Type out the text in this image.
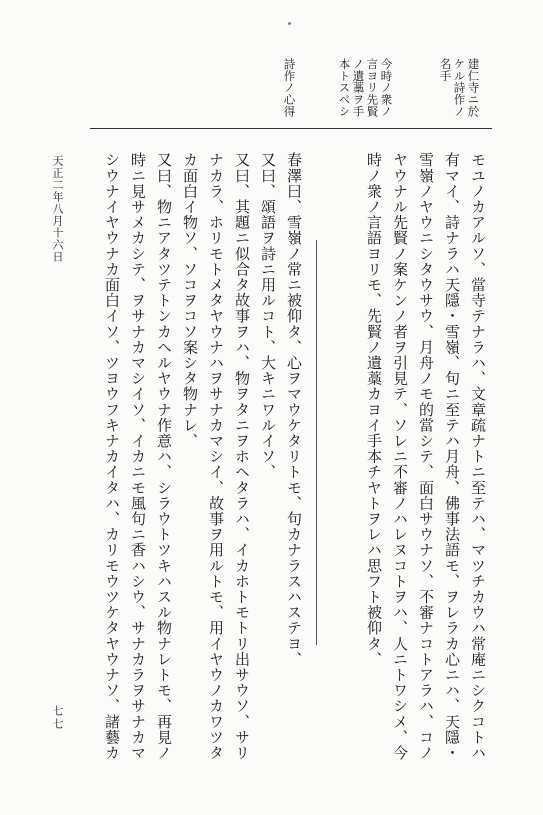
建仁寺ニ於
ケル詩作ノ
名手
今時ノ衆ノ
言ヨリ先賢
ノ遺藁ヲ手
本トスベシ
詩作ノ心得
モユノカアルソ、當寺テナラハ、文章疏ナトニ至テハ、マツチカウハ常庵ニシクコトハ
有マイ、詩ナラハ天隱・雪嶺、句ニ至テハ月舟、佛事法語モ、ヲレラカ心ニハ、天隱・
雪嶺ノヤウニシタウサウ、月舟ノモ的當シテ、面白サウナソ、不審ナコトアラハ、コノ
ヤウナル先賢ノ案ケンノ者ヲ引見テ、ソレニ不審ノハレヌコトヲハ、人ニトワシメ、今
時ノ衆ノ言語ヨリモ、先賢ノ遺藁カヨイ手本チヤトヲレハ思フト被仰タ、
春澤曰、雪嶺ノ常ニ被仰タ、心ヲマウケタリトモ、句カナラスハステヨ、
又曰、頌語ヲ詩ニ用ルコト、大キニワルイソ、
又曰、其題ニ似合タ故事ヲハ、物ヲタニヲホヘタラハ、イカホトモトリ出サウソ、サリ
ナカラ、ホリモトメタヤウナハヲサナカマシイ、故事ヲ用ルトモ、用イヤウノカワツタ
カ面白イ物ソ、ソコヲコソ案シタ物ナレ、
又曰、物ニアタツテトンカヘルヤウナ作意ハ、シラウトツキハスル物ナレトモ、再見ノ
時ニ見サメカシテ、ヲサナカマシイソ、イカニモ風句ニ香ハシウ、サナカラヲサナカマ
シウナイヤウナカ面白イソ、ツヨウフキナカイタハ、カリモウツケタヤウナソ、諸藝カ
天正二年八月十六日
七七
